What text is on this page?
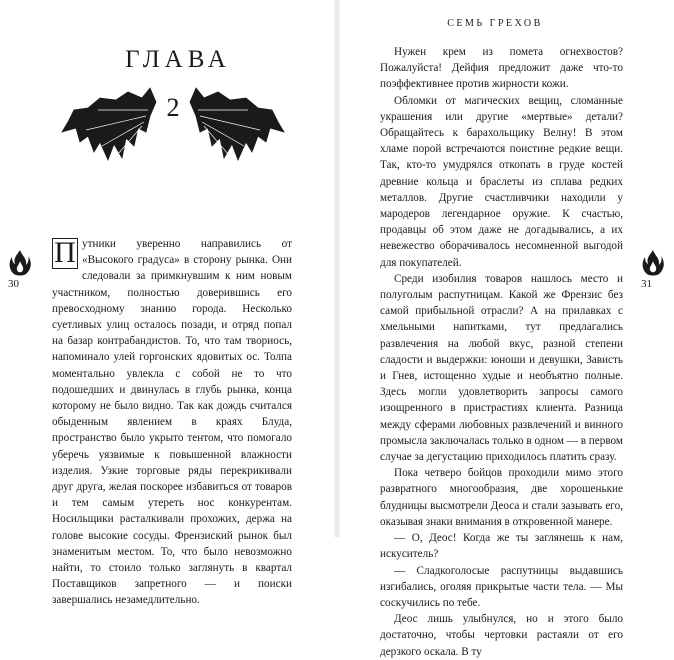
ГЛАВА
2
П утники уверенно направились от «Высокого градуса» в сторону рынка. Они следовали за примкнувшим к ним новым участником, полностью доверившись его превосходному знанию города. Несколько суетливых улиц осталось позади, и отряд попал на базар контрабандистов. То, что там твориось, напоминало улей горгонских ядовитых ос. Толпа моментально увлекла с собой не то что подошедших и двинулась в глубь рынка, конца которому не было видно. Так как дождь считался обыденным явлением в краях Блуда, пространство было укрыто тентом, что помогало уберечь уязвимые к повышенной влажности изделия. Узкие торговые ряды перекрикивали друг друга, желая поскорее избавиться от товаров и тем самым утереть нос конкурентам. Носильщики расталкивали прохожих, держа на голове высокие сосуды. Френзиский рынок был знаменитым местом. То, что было невозможно найти, то стоило только заглянуть в квартал Поставщиков запретного — и поиски завершались незамедлительно.

30
СЕМЬ ГРЕХОВ

Нужен крем из помета огнехвостов? Пожалуйста! Дейфия предложит даже что-то поэффективнее против жирности кожи.

Обломки от магических вещиц, сломанные украшения или другие «мертвые» детали? Обращайтесь к барахольщику Велну! В этом хламе порой встречаются поистине редкие вещи. Так, кто-то умудрялся откопать в груде костей древние кольца и браслеты из сплава редких металлов. Другие счастливчики находили у мародеров легендарное оружие. К счастью, продавцы об этом даже не догадывались, а их невежество оборачивалось несомненной выгодой для покупателей.

Среди изобилия товаров нашлось место и полуголым распутницам. Какой же Френзис без самой прибыльной отрасли? А на прилавках с хмельными напитками, тут предлагались развлечения на любой вкус, разной степени сладости и выдержки: юноши и девушки, Зависть и Гнев, истощенно худые и необъятно полные. Здесь могли удовлетворить запросы самого изощренного в пристрастиях клиента. Разница между сферами любовных развлечений и винного промысла заключалась только в одном — в первом случае за дегустацию приходилось платить сразу.

Пока четверо бойцов проходили мимо этого развратного многообразия, две хорошенькие блудницы высмотрели Деоса и стали зазывать его, оказывая знаки внимания в откровенной манере.

— О, Деос! Когда же ты заглянешь к нам, искуситель?

— Сладкоголосые распутницы выдавшись изгибались, оголяя прикрытые части тела. — Мы соскучились по тебе.

Деос лишь улыбнулся, но и этого было достаточно, чтобы чертовки растаяли от его дерзкого оскала. В ту

31
